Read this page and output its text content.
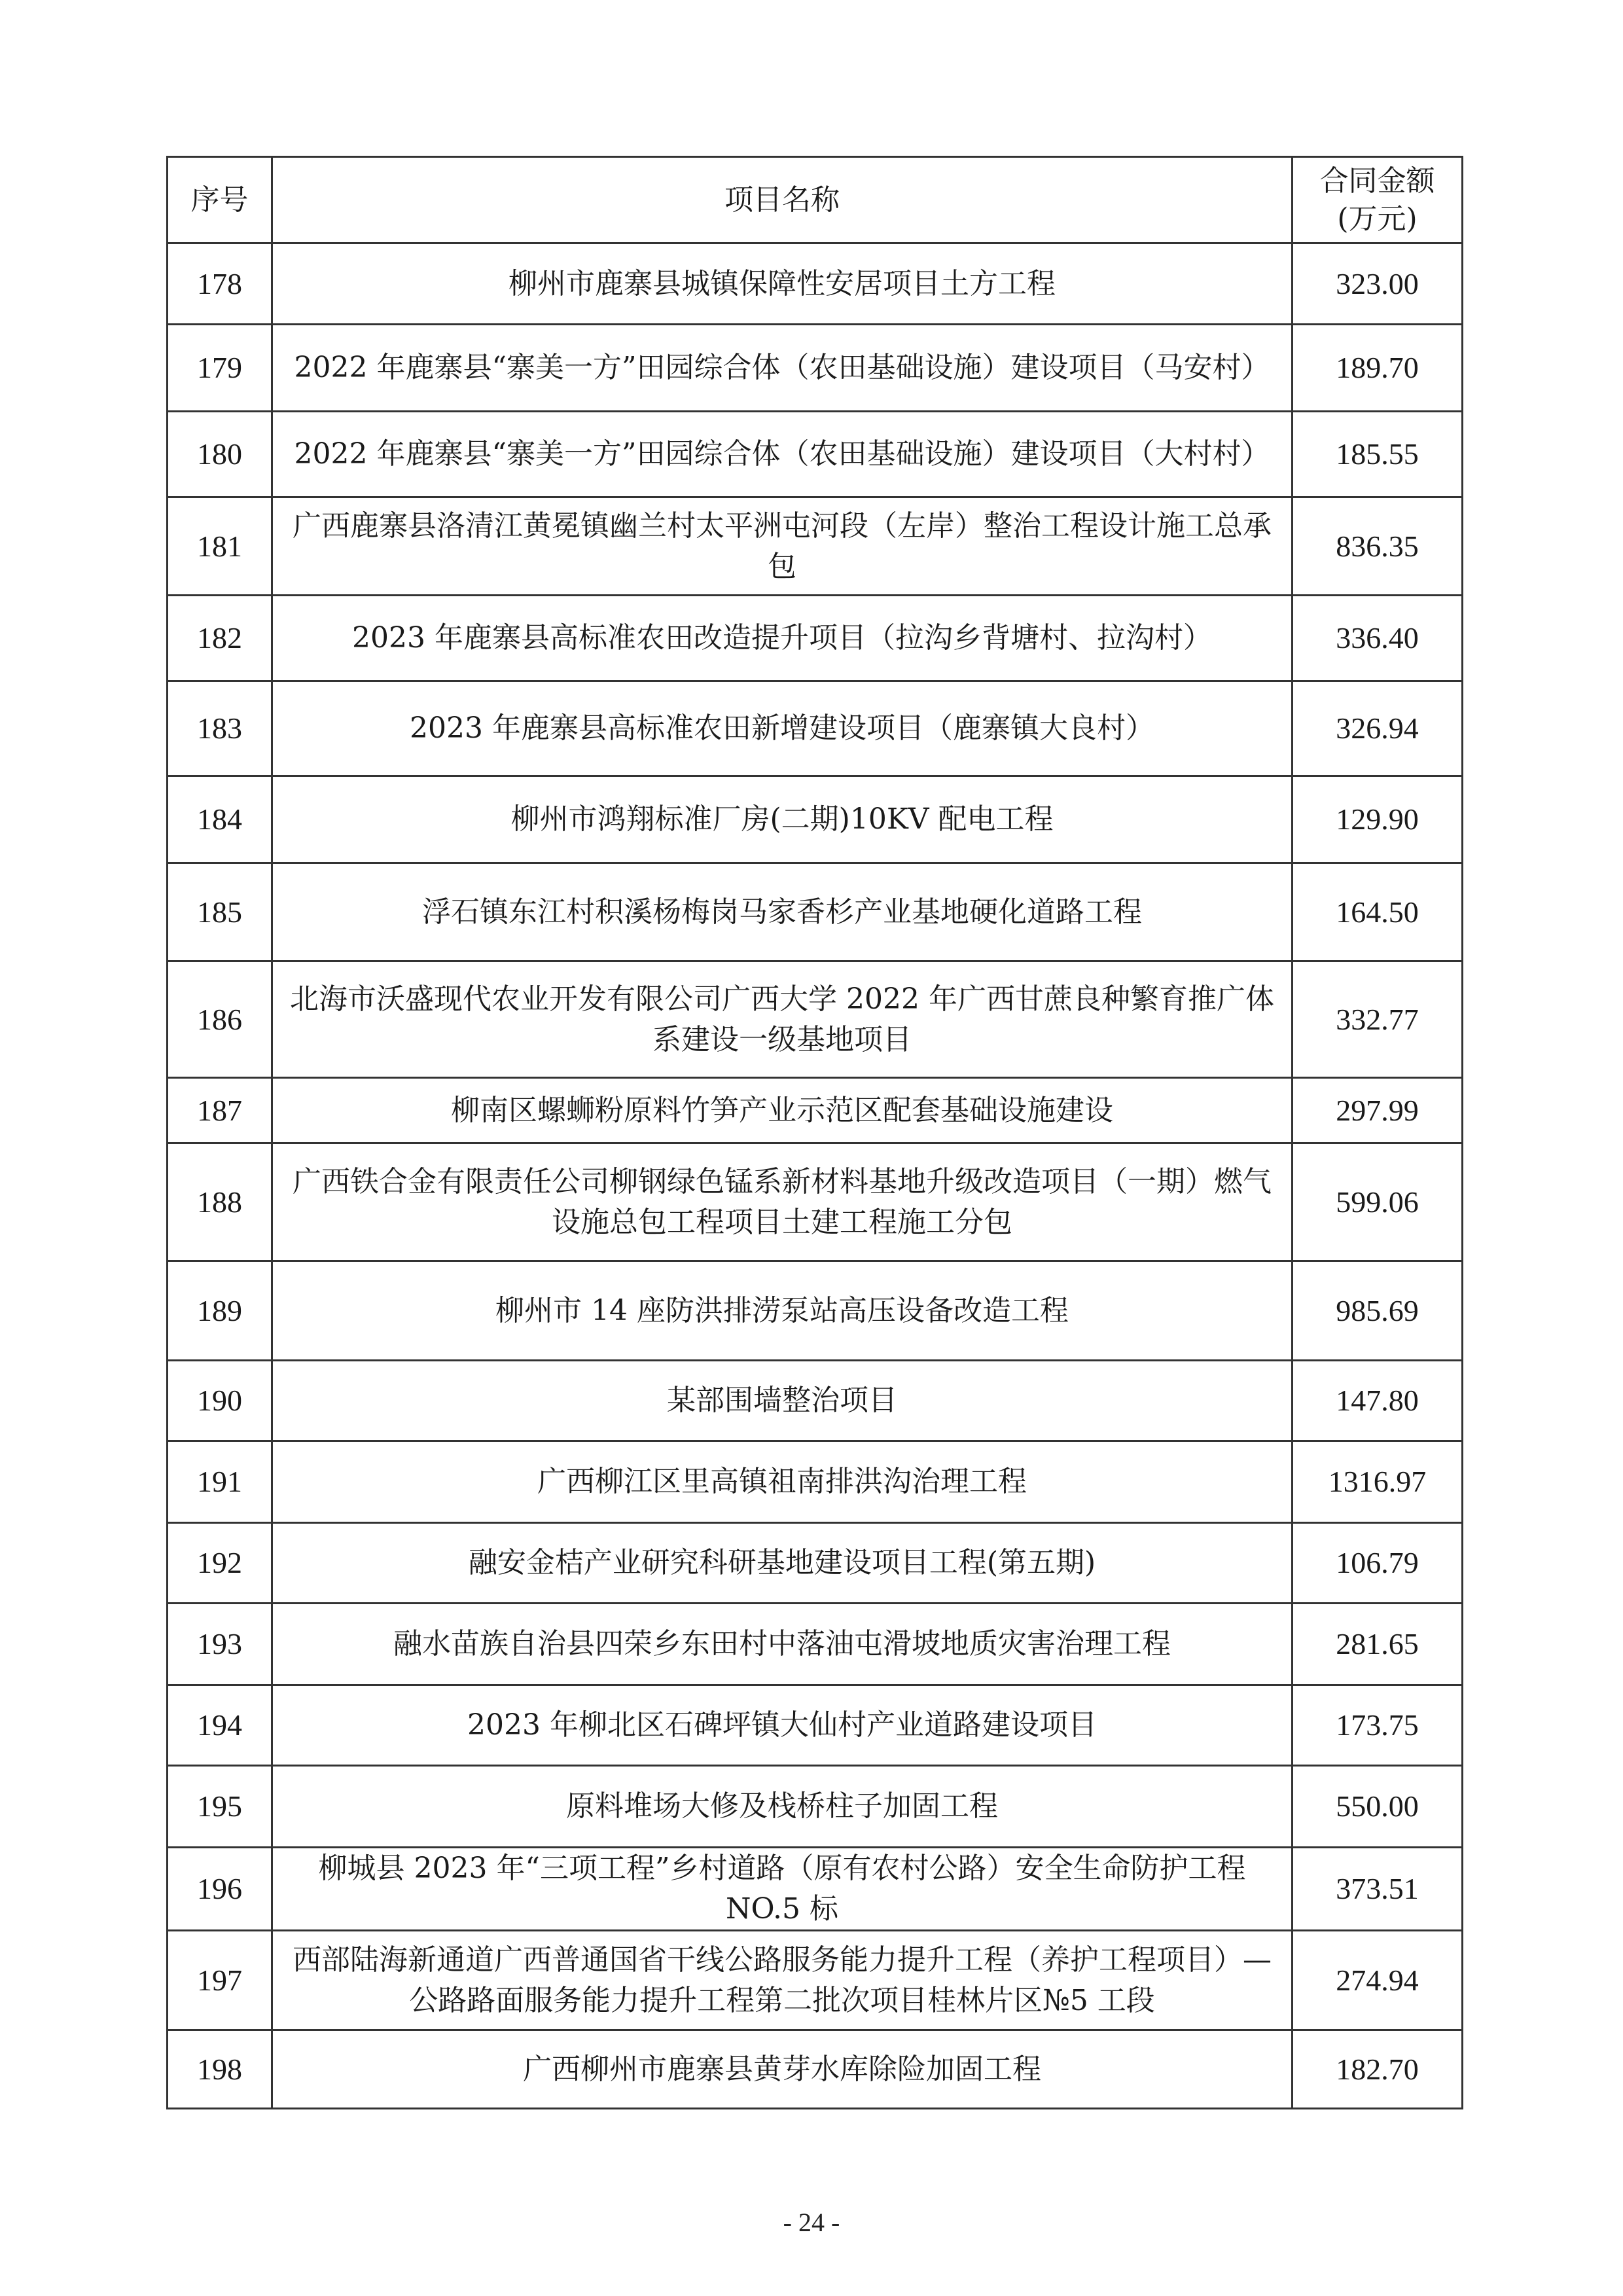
序号	项目名称	合同金额
(万元)
178	柳州市鹿寨县城镇保障性安居项目土方工程	323.00
179	2022 年鹿寨县“寨美一方”田园综合体（农田基础设施）建设项目（马安村）	189.70
180	2022 年鹿寨县“寨美一方”田园综合体（农田基础设施）建设项目（大村村）	185.55
181	广西鹿寨县洛清江黄冕镇幽兰村太平洲屯河段（左岸）整治工程设计施工总承包	836.35
182	2023 年鹿寨县高标准农田改造提升项目（拉沟乡背塘村、拉沟村）	336.40
183	2023 年鹿寨县高标准农田新增建设项目（鹿寨镇大良村）	326.94
184	柳州市鸿翔标准厂房(二期)10KV 配电工程	129.90
185	浮石镇东江村积溪杨梅岗马家香杉产业基地硬化道路工程	164.50
186	北海市沃盛现代农业开发有限公司广西大学 2022 年广西甘蔗良种繁育推广体系建设一级基地项目	332.77
187	柳南区螺蛳粉原料竹笋产业示范区配套基础设施建设	297.99
188	广西铁合金有限责任公司柳钢绿色锰系新材料基地升级改造项目（一期）燃气设施总包工程项目土建工程施工分包	599.06
189	柳州市 14 座防洪排涝泵站高压设备改造工程	985.69
190	某部围墙整治项目	147.80
191	广西柳江区里高镇祖南排洪沟治理工程	1316.97
192	融安金桔产业研究科研基地建设项目工程(第五期)	106.79
193	融水苗族自治县四荣乡东田村中落油屯滑坡地质灾害治理工程	281.65
194	2023 年柳北区石碑坪镇大仙村产业道路建设项目	173.75
195	原料堆场大修及栈桥柱子加固工程	550.00
196	柳城县 2023 年“三项工程”乡村道路（原有农村公路）安全生命防护工程 NO.5 标	373.51
197	西部陆海新通道广西普通国省干线公路服务能力提升工程（养护工程项目）—公路路面服务能力提升工程第二批次项目桂林片区№5 工段	274.94
198	广西柳州市鹿寨县黄芽水库除险加固工程	182.70
- 24 -
